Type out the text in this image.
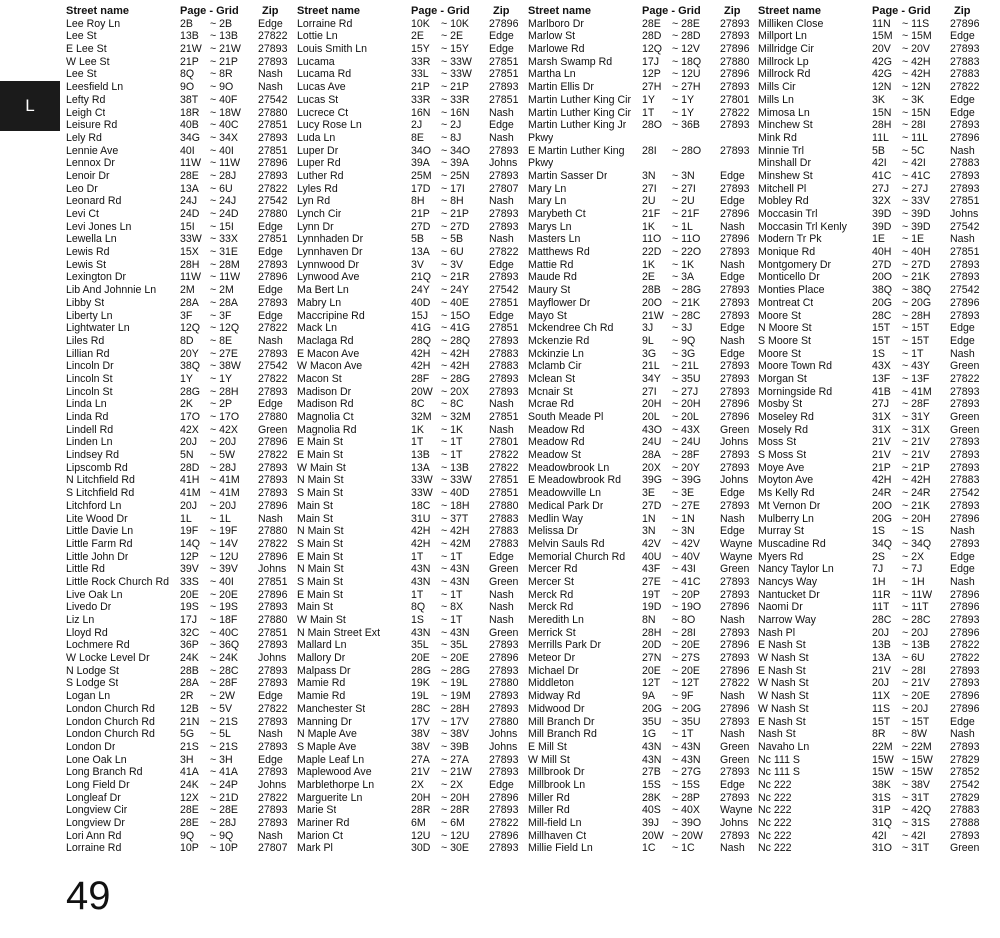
L
Street name	Page - Grid Zip
Lee Roy Ln	2B ~ 2B Edge
Lee St	13B ~ 13B 27822
E Lee St	21W ~ 21W 27893
W Lee St	21P ~ 21P 27893
Lee St	8Q ~ 8R Nash
Leesfield Ln	9O ~ 9O Nash
Lefty Rd	38T ~ 40F 27542
Leigh Ct	18R ~ 18W 27880
Leisure Rd	40B ~ 40C 27851
Lely Rd	34G ~ 34X 27893
Lennie Ave	40I ~ 40I 27851
Lennox Dr	11W ~ 11W 27896
Lenoir Dr	28E ~ 28J 27893
Leo Dr	13A ~ 6U 27822
Leonard Rd	24J ~ 24J 27542
Levi Ct	24D ~ 24D 27880
Levi Jones Ln	15I ~ 15I Edge
Lewella Ln	33W ~ 33X 27851
Lewis Rd	15X ~ 31E Edge
Lewis St	28H ~ 28M 27893
Lexington Dr	11W ~ 11W 27896
Lib And Johnnie Ln 2M ~ 2M Edge
Libby St	28A ~ 28A 27893
Liberty Ln	3F ~ 3F	Edge
Lightwater Ln	12Q ~ 12Q 27822
Liles Rd	8D ~ 8E Nash
Lillian Rd	20Y ~ 27E 27893
Lincoln Dr	38Q ~ 38W 27542
Lincoln St	1Y ~ 1Y 27822
Lincoln St	28G ~ 28H 27893
Linda Ln	2K ~ 2P Edge
Linda Rd	17O ~ 17O 27880
Lindell Rd	42X ~ 42X Green
Linden Ln	20J ~ 20J 27896
Lindsey Rd	5N ~ 5W 27822
Lipscomb Rd	28D ~ 28J 27893
N Litchfield Rd	41H ~ 41M 27893
S Litchfield Rd	41M ~ 41M 27893
Litchford Ln	20J ~ 20J 27896
Lite Wood Dr	1L ~ 1L	Nash
Little Davie Ln	19F ~ 19F 27880
Little Farm Rd	14Q ~ 14V 27822
Little John Dr	12P ~ 12U 27896
Little Rd	39V ~ 39V Johns
Little Rock Church Rd 33S ~ 40I 27851
Live Oak Ln	20E ~ 20E 27896
Livedo Dr	19S ~ 19S 27893
Liz Ln	17J ~ 18F 27880
Lloyd Rd	32C ~ 40C 27851
Lochmere Rd	36P ~ 36Q 27893
W Locke Level Dr	24K ~ 24K Johns
N Lodge St	28B ~ 28C 27893
S Lodge St	28A ~ 28F 27893
Logan Ln	2R ~ 2W Edge
London Church Rd 12B ~ 5V 27822
London Church Rd 21N ~ 21S 27893
London Church Rd 5G ~ 5L	Nash
London Dr	21S ~ 21S 27893
Lone Oak Ln	3H ~ 3H Edge
Long Branch Rd	41A ~ 41A 27893
Long Field Dr	24K ~ 24P Johns
Longleaf Dr	12X ~ 21D 27822
Longview Cir	28E ~ 28E 27893
Longview Dr	28E ~ 28J 27893
Lori Ann Rd	9Q ~ 9Q Nash
Lorraine Rd	10P ~ 10P 27807
Street name	Page - Grid Zip
Lorraine Rd	10K ~ 10K 27896
Lottie Ln	2E ~ 2E Edge
Louis Smith Ln	15Y ~ 15Y Edge
Lucama	33R ~ 33W 27851
Lucama Rd	33L ~ 33W 27851
Lucas Ave	21P ~ 21P 27893
Lucas St	33R ~ 33R 27851
Lucrece Ct	16N ~ 16N Nash
Lucy Rose Ln	2J ~ 2J	Edge
Luda Ln	8E ~ 8J	Nash
Luper Dr	34O ~ 34O 27893
Luper Rd	39A ~ 39A Johns
Luther Rd	25M ~ 25N 27893
Lyles Rd	17D ~ 17I 27807
Lyn Rd	8H ~ 8H Nash
Lynch Cir	21P ~ 21P 27893
Lynn Dr	27D ~ 27D 27893
Lynnhaden Dr	5B ~ 5B Nash
Lynnhaven Dr	13A ~ 6U 27822
Lynnwood Dr	3V ~ 3V Edge
Lynwood Ave	21Q ~ 21R 27893
Ma Bert Ln	24Y ~ 24Y 27542
Mabry Ln	40D ~ 40E 27851
Maccripine Rd	15J ~ 15O Edge
Mack Ln	41G ~ 41G 27851
Maclaga Rd	28Q ~ 28Q 27893
E Macon Ave	42H ~ 42H 27883
W Macon Ave	42H ~ 42H 27883
Macon St	28F ~ 28G 27893
Madison Dr	20W ~ 20X 27893
Madison Rd	8C ~ 8C Nash
Magnolia Ct	32M ~ 32M 27851
Magnolia Rd	1K ~ 1K Nash
E Main St	1T ~ 1T	27801
E Main St	13B ~ 1T	27822
W Main St	13A ~ 13B 27822
N Main St	33W ~ 33W 27851
S Main St	33W ~ 40D 27851
Main St	18C ~ 18H 27880
Main St	31U ~ 37T 27883
N Main St	42H ~ 42H 27883
S Main St	42H ~ 42M 27883
E Main St	1T ~ 1T	Edge
N Main St	43N ~ 43N Green
S Main St	43N ~ 43N Green
E Main St	1T ~ 1T	Nash
Main St	8Q ~ 8X Nash
W Main St	1S ~ 1T	Nash
N Main Street Ext	43N ~ 43N Green
Mallard Ln	35L ~ 35L 27893
Mallory Dr	20E ~ 20E 27896
Malpass Dr	28G ~ 28G 27893
Mamie Rd	19K ~ 19L 27880
Mamie Rd	19L ~ 19M 27893
Manchester St	28C ~ 28H 27893
Manning Dr	17V ~ 17V 27880
N Maple Ave	38V ~ 38V Johns
S Maple Ave	38V ~ 39B Johns
Maple Leaf Ln	27A ~ 27A 27893
Maplewood Ave	21V ~ 21W 27893
Marblethorpe Ln	2X ~ 2X Edge
Marguerite Ln	20H ~ 20H 27896
Marie St	28R ~ 28R 27893
Mariner Rd	6M ~ 6M 27822
Marion Ct	12U ~ 12U 27896
Mark Pl	30D ~ 30E 27893
Street name	Page - Grid Zip
Marlboro Dr	28E ~ 28E 27893
Marlow St	28D ~ 28D 27893
Marlowe Rd	12Q ~ 12V 27896
Marsh Swamp Rd	17J ~ 18Q 27880
Martha Ln	12P ~ 12U 27896
Martin Ellis Dr	27H ~ 27H 27893
Martin Luther King Cir 1Y ~ 1Y 27801
Martin Luther King Cir 1T ~ 1Y 27822
Martin Luther King Jr 28O ~ 36B 27893
Pkwy
E Martin Luther King 28I ~ 28O 27893
Pkwy
Martin Sasser Dr	3N ~ 3N Edge
Mary Ln	27I ~ 27I 27893
Mary Ln	2U ~ 2U Edge
Marybeth Ct	21F ~ 21F 27896
Marys Ln	1K ~ 1L	Nash
Masters Ln	11O ~ 11O 27896
Matthews Rd	22D ~ 22O 27893
Mattie Rd	1K ~ 1K Nash
Maude Rd	2E ~ 3A Edge
Maury St	28B ~ 28G 27893
Mayflower Dr	20O ~ 21K 27893
Mayo St	21W ~ 28C 27893
Mckendree Ch Rd	3J ~ 3J	Edge
Mckenzie Rd	9L ~ 9Q Nash
Mckinzie Ln	3G ~ 3G Edge
Mclamb Cir	21L ~ 21L 27893
Mclean St	34Y ~ 35U 27893
Mcnair St	27I ~ 27J 27893
Mcrae Rd	20H ~ 20H 27896
South Meade Pl	20L ~ 20L 27896
Meadow Rd	43O ~ 43X Green
Meadow Rd	24U ~ 24U Johns
Meadow St	28A ~ 28F 27893
Meadowbrook Ln	20X ~ 20Y 27893
E Meadowbrook Rd 39G ~ 39G Johns
Meadowville Ln	3E ~ 3E Edge
Medical Park Dr	27D ~ 27E 27893
Medlin Way	1N ~ 1N Nash
Melissa Dr	3N ~ 3N Edge
Melvin Sauls Rd	42V ~ 42V Wayne
Memorial Church Rd 40U ~ 40V Wayne
Mercer Rd	43F ~ 43I Green
Mercer St	27E ~ 41C 27893
Merck Rd	19T ~ 20P 27893
Merck Rd	19D ~ 19O 27896
Meredith Ln	8N ~ 8O Nash
Merrick St	28H ~ 28I 27893
Merrills Park Dr	20D ~ 20E 27896
Meteor Dr	27N ~ 27S 27893
Michael Dr	20E ~ 20E 27896
Middleton	12T ~ 12T 27822
Midway Rd	9A ~ 9F	Nash
Midwood Dr	20G ~ 20G 27896
Mill Branch Dr	35U ~ 35U 27893
Mill Branch Rd	1G ~ 1T	Nash
E Mill St	43N ~ 43N Green
W Mill St	43N ~ 43N Green
Millbrook Dr	27B ~ 27G 27893
Millbrook Ln	15S ~ 15S Edge
Miller Rd	28K ~ 28P 27893
Miller Rd	40S ~ 40X Wayne
Mill-field Ln	39J ~ 39O Johns
Millhaven Ct	20W ~ 20W 27893
Millie Field Ln	1C ~ 1C Nash
Street name	Page - Grid Zip
Milliken Close	11N ~ 11S 27896
Millport Ln	15M ~ 15M Edge
Millridge Cir	20V ~ 20V 27893
Millrock Lp	42G ~ 42H 27883
Millrock Rd	42G ~ 42H 27883
Mills Cir	12N ~ 12N 27822
Mills Ln	3K ~ 3K Edge
Mimosa Ln	15N ~ 15N Edge
Minchew St	28H ~ 28I 27893
Mink Rd	11L ~ 11L 27896
Minnie Trl	5B ~ 5C Nash
Minshall Dr	42I ~ 42I 27883
Minshew St	41C ~ 41C 27893
Mitchell Pl	27J ~ 27J 27893
Mobley Rd	32X ~ 33V 27851
Moccasin Trl	39D ~ 39D Johns
Moccasin Trl Kenly 39D ~ 39D 27542
Modern Tr Pk	1E ~ 1E Nash
Monique Rd	40H ~ 40H 27851
Montgomery Dr	27D ~ 27D 27893
Monticello Dr	20O ~ 21K 27893
Monties Place	38Q ~ 38Q 27542
Montreat Ct	20G ~ 20G 27896
Moore St	28C ~ 28H 27893
N Moore St	15T ~ 15T Edge
S Moore St	15T ~ 15T Edge
Moore St	1S ~ 1T	Nash
Moore Town Rd	43X ~ 43Y Green
Morgan St	13F ~ 13F 27822
Morningside Rd	41B ~ 41M 27893
Mosby St	27J ~ 28F 27893
Moseley Rd	31X ~ 31Y Green
Mosely Rd	31X ~ 31X Green
Moss St	21V ~ 21V 27893
S Moss St	21V ~ 21V 27893
Moye Ave	21P ~ 21P 27893
Moyton Ave	42H ~ 42H 27883
Ms Kelly Rd	24R ~ 24R 27542
Mt Vernon Dr	20O ~ 21K 27893
Mulberry Ln	20G ~ 20H 27896
Murray St	1S ~ 1S Nash
Muscadine Rd	34Q ~ 34Q 27893
Myers Rd	2S ~ 2X Edge
Nancy Taylor Ln	7J ~ 7J	Edge
Nancys Way	1H ~ 1H Nash
Nantucket Dr	11R ~ 11W 27896
Naomi Dr	11T ~ 11T 27896
Narrow Way	28C ~ 28C 27893
Nash Pl	20J ~ 20J 27896
E Nash St	13B ~ 13B 27822
W Nash St	13A ~ 6U 27822
E Nash St	21V ~ 28I 27893
W Nash St	20J ~ 21V 27893
W Nash St	11X ~ 20E 27896
W Nash St	11S ~ 20J 27896
E Nash St	15T ~ 15T Edge
Nash St	8R ~ 8W Nash
Navaho Ln	22M ~ 22M 27893
Nc 111 S	15W ~ 15W 27829
Nc 111 S	15W ~ 15W 27852
Nc 222	38K ~ 38V 27542
Nc 222	31S ~ 31T 27829
Nc 222	31P ~ 42Q 27883
Nc 222	31Q ~ 31S 27888
Nc 222	42I ~ 42I 27893
Nc 222	31O ~ 31T Green
49
